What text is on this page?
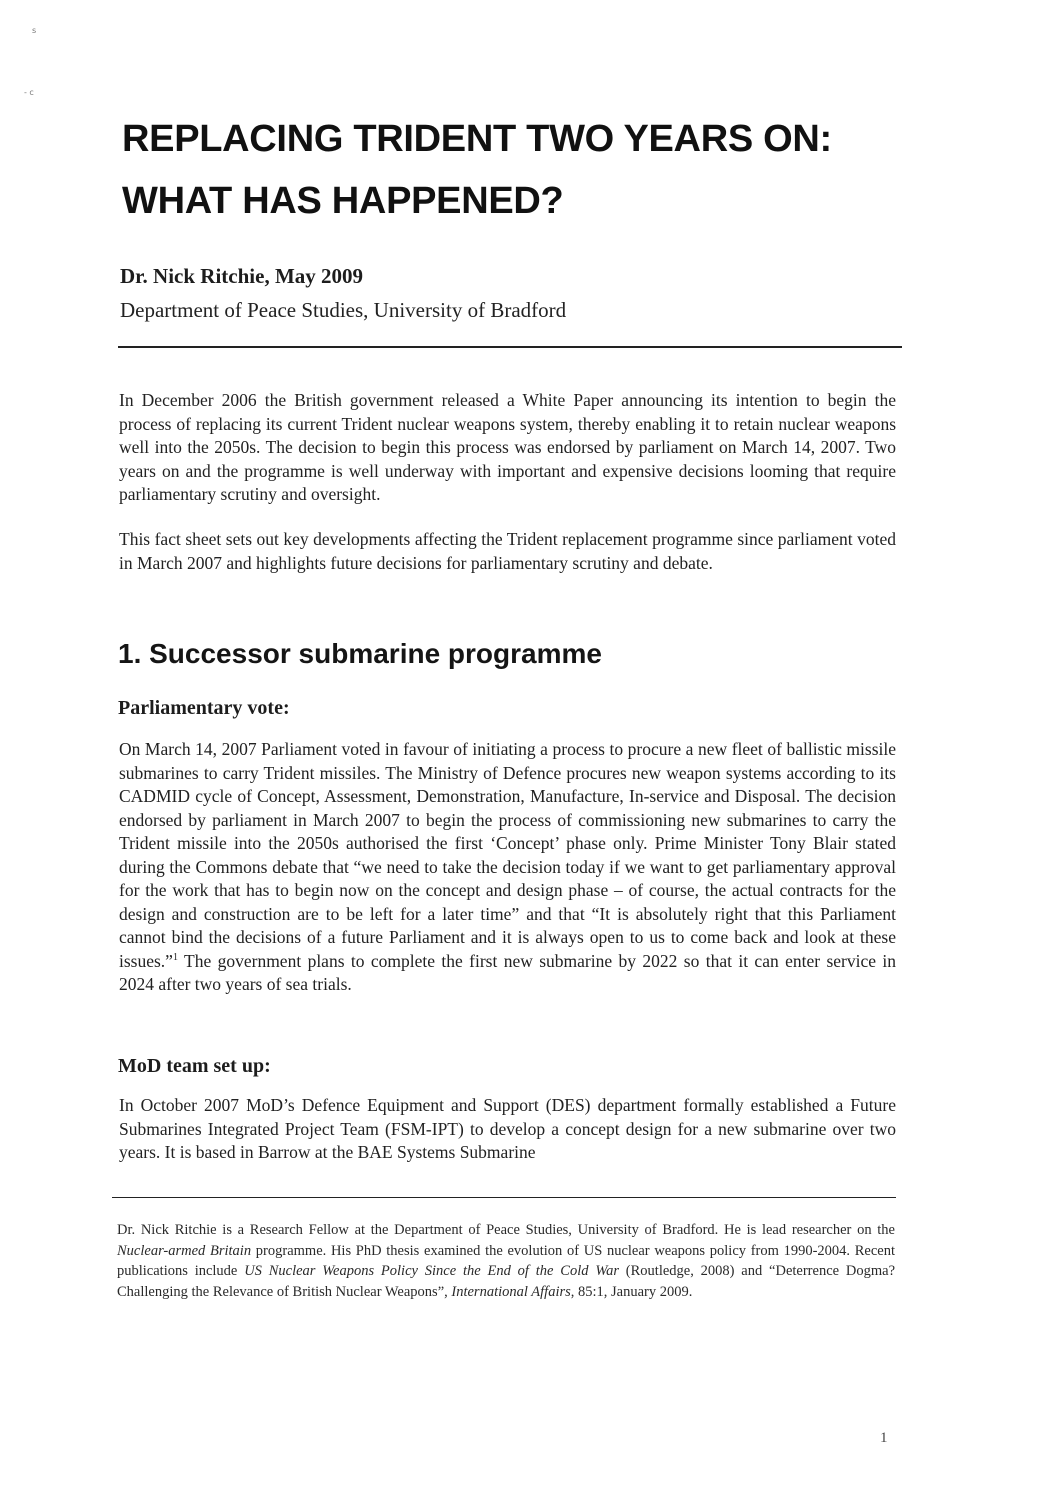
s
- c
REPLACING TRIDENT TWO YEARS ON:
WHAT HAS HAPPENED?
Dr. Nick Ritchie, May 2009
Department of Peace Studies, University of Bradford

In December 2006 the British government released a White Paper announcing its intention to begin the process of replacing its current Trident nuclear weapons system, thereby enabling it to retain nuclear weapons well into the 2050s. The decision to begin this process was endorsed by parliament on March 14, 2007. Two years on and the programme is well underway with important and expensive decisions looming that require parliamentary scrutiny and oversight.

This fact sheet sets out key developments affecting the Trident replacement programme since parliament voted in March 2007 and highlights future decisions for parliamentary scrutiny and debate.

1. Successor submarine programme
Parliamentary vote:

On March 14, 2007 Parliament voted in favour of initiating a process to procure a new fleet of ballistic missile submarines to carry Trident missiles. The Ministry of Defence procures new weapon systems according to its CADMID cycle of Concept, Assessment, Demonstration, Manufacture, In-service and Disposal. The decision endorsed by parliament in March 2007 to begin the process of commissioning new submarines to carry the Trident missile into the 2050s authorised the first ‘Concept’ phase only. Prime Minister Tony Blair stated during the Commons debate that “we need to take the decision today if we want to get parliamentary approval for the work that has to begin now on the concept and design phase – of course, the actual contracts for the design and construction are to be left for a later time” and that “It is absolutely right that this Parliament cannot bind the decisions of a future Parliament and it is always open to us to come back and look at these issues.”$^1$ The government plans to complete the first new submarine by 2022 so that it can enter service in 2024 after two years of sea trials.

MoD team set up:

In October 2007 MoD’s Defence Equipment and Support (DES) department formally established a Future Submarines Integrated Project Team (FSM-IPT) to develop a concept design for a new submarine over two years. It is based in Barrow at the BAE Systems Submarine

Dr. Nick Ritchie is a Research Fellow at the Department of Peace Studies, University of Bradford. He is lead researcher on the Nuclear-armed Britain programme. His PhD thesis examined the evolution of US nuclear weapons policy from 1990-2004. Recent publications include US Nuclear Weapons Policy Since the End of the Cold War (Routledge, 2008) and “Deterrence Dogma? Challenging the Relevance of British Nuclear Weapons”, International Affairs, 85:1, January 2009.

1
